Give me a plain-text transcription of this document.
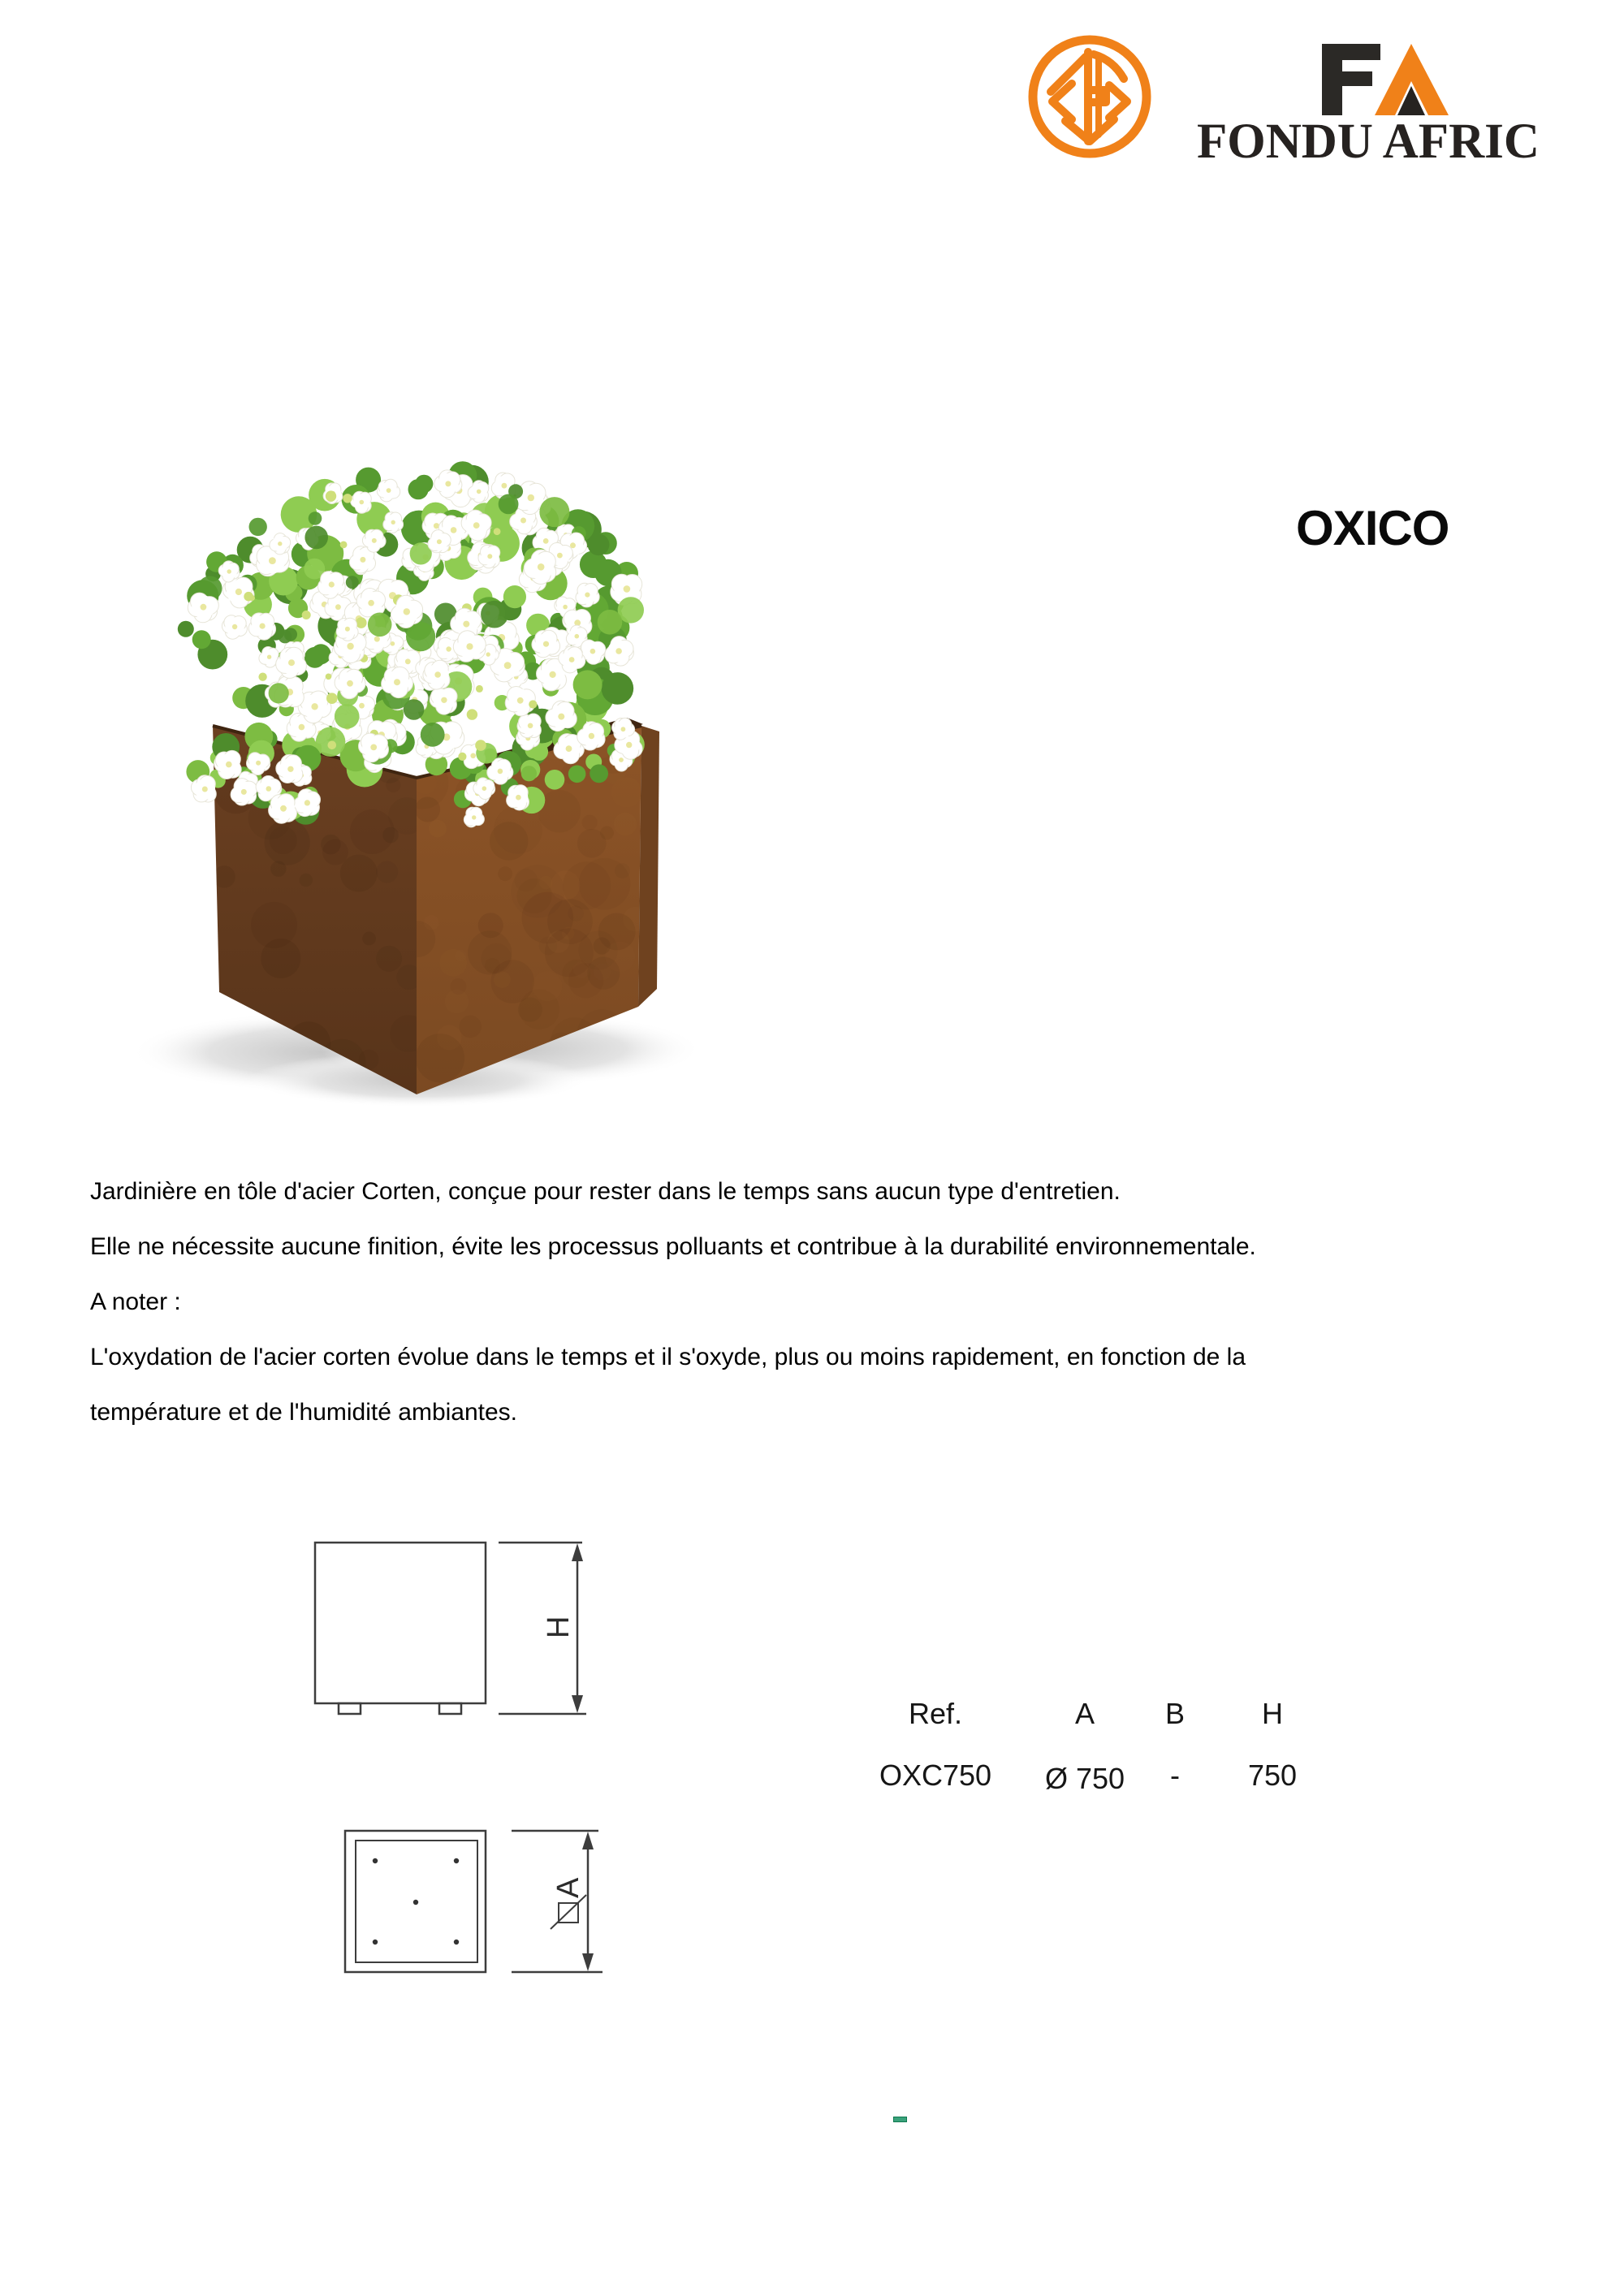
FONDU AFRIC
OXICO
H
A

Jardinière en tôle d'acier Corten, conçue pour rester dans le temps sans aucun type d'entretien.

Elle ne nécessite aucune finition, évite les processus polluants et contribue à la durabilité environnementale.

A noter :

L'oxydation de l'acier corten évolue dans le temps et il s'oxyde, plus ou moins rapidement, en fonction de la

température et de l'humidité ambiantes.

Ref.	A	B	H
OXC750	Ø 750	-	750
